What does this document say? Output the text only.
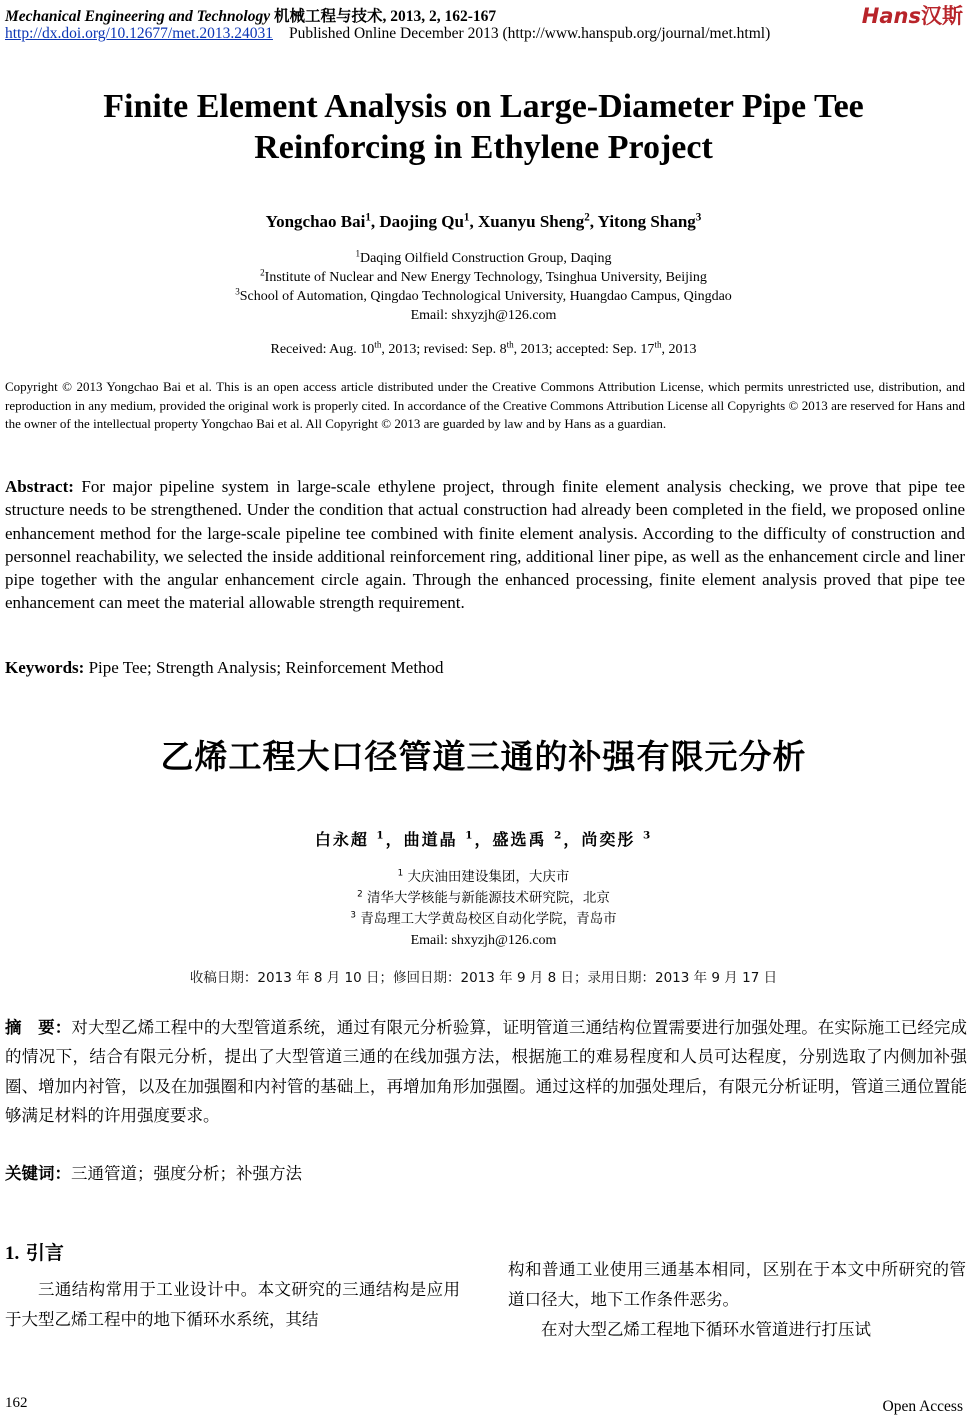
Mechanical Engineering and Technology 机械工程与技术, 2013, 2, 162-167	Hans汉斯
http://dx.doi.org/10.12677/met.2013.24031 Published Online December 2013 (http://www.hanspub.org/journal/met.html)
Finite Element Analysis on Large-Diameter Pipe Tee
Reinforcing in Ethylene Project
Yongchao Bai$^1$, Daojing Qu$^1$, Xuanyu Sheng$^2$, Yitong Shang$^3$
$^1$Daqing Oilfield Construction Group, Daqing
$^2$Institute of Nuclear and New Energy Technology, Tsinghua University, Beijing
$^3$School of Automation, Qingdao Technological University, Huangdao Campus, Qingdao
Email: shxyzjh@126.com
Received: Aug. 10th, 2013; revised: Sep. 8th, 2013; accepted: Sep. 17th, 2013
Copyright © 2013 Yongchao Bai et al. This is an open access article distributed under the Creative Commons Attribution License, which permits unrestricted use, distribution, and reproduction in any medium, provided the original work is properly cited. In accordance of the Creative Commons Attribution License all Copyrights © 2013 are reserved for Hans and the owner of the intellectual property Yongchao Bai et al. All Copyright © 2013 are guarded by law and by Hans as a guardian.
Abstract: For major pipeline system in large-scale ethylene project, through finite element analysis checking, we prove that pipe tee structure needs to be strengthened. Under the condition that actual construction had already been completed in the field, we proposed online enhancement method for the large-scale pipeline tee combined with finite element analysis. According to the difficulty of construction and personnel reachability, we selected the inside additional reinforcement ring, additional liner pipe, as well as the enhancement circle and liner pipe together with the angular enhancement circle again. Through the enhanced processing, finite element analysis proved that pipe tee enhancement can meet the material allowable strength requirement.
Keywords: Pipe Tee; Strength Analysis; Reinforcement Method
乙烯工程大口径管道三通的补强有限元分析
白永超 $^1$，曲道晶 $^1$，盛选禹 $^2$，尚奕彤 $^3$
$^1$ 大庆油田建设集团，大庆市
$^2$ 清华大学核能与新能源技术研究院，北京
$^3$ 青岛理工大学黄岛校区自动化学院，青岛市
Email: shxyzjh@126.com
收稿日期：2013 年 8 月 10 日；修回日期：2013 年 9 月 8 日；录用日期：2013 年 9 月 17 日
摘　要：对大型乙烯工程中的大型管道系统，通过有限元分析验算，证明管道三通结构位置需要进行加强处理。在实际施工已经完成的情况下，结合有限元分析，提出了大型管道三通的在线加强方法，根据施工的难易程度和人员可达程度，分别选取了内侧加补强圈、增加内衬管，以及在加强圈和内衬管的基础上，再增加角形加强圈。通过这样的加强处理后，有限元分析证明，管道三通位置能够满足材料的许用强度要求。
关键词：三通管道；强度分析；补强方法
1. 引言

三通结构常用于工业设计中。本文研究的三通结构是应用于大型乙烯工程中的地下循环水系统，其结

构和普通工业使用三通基本相同，区别在于本文中所研究的管道口径大，地下工作条件恶劣。

在对大型乙烯工程地下循环水管道进行打压试

162	Open Access
